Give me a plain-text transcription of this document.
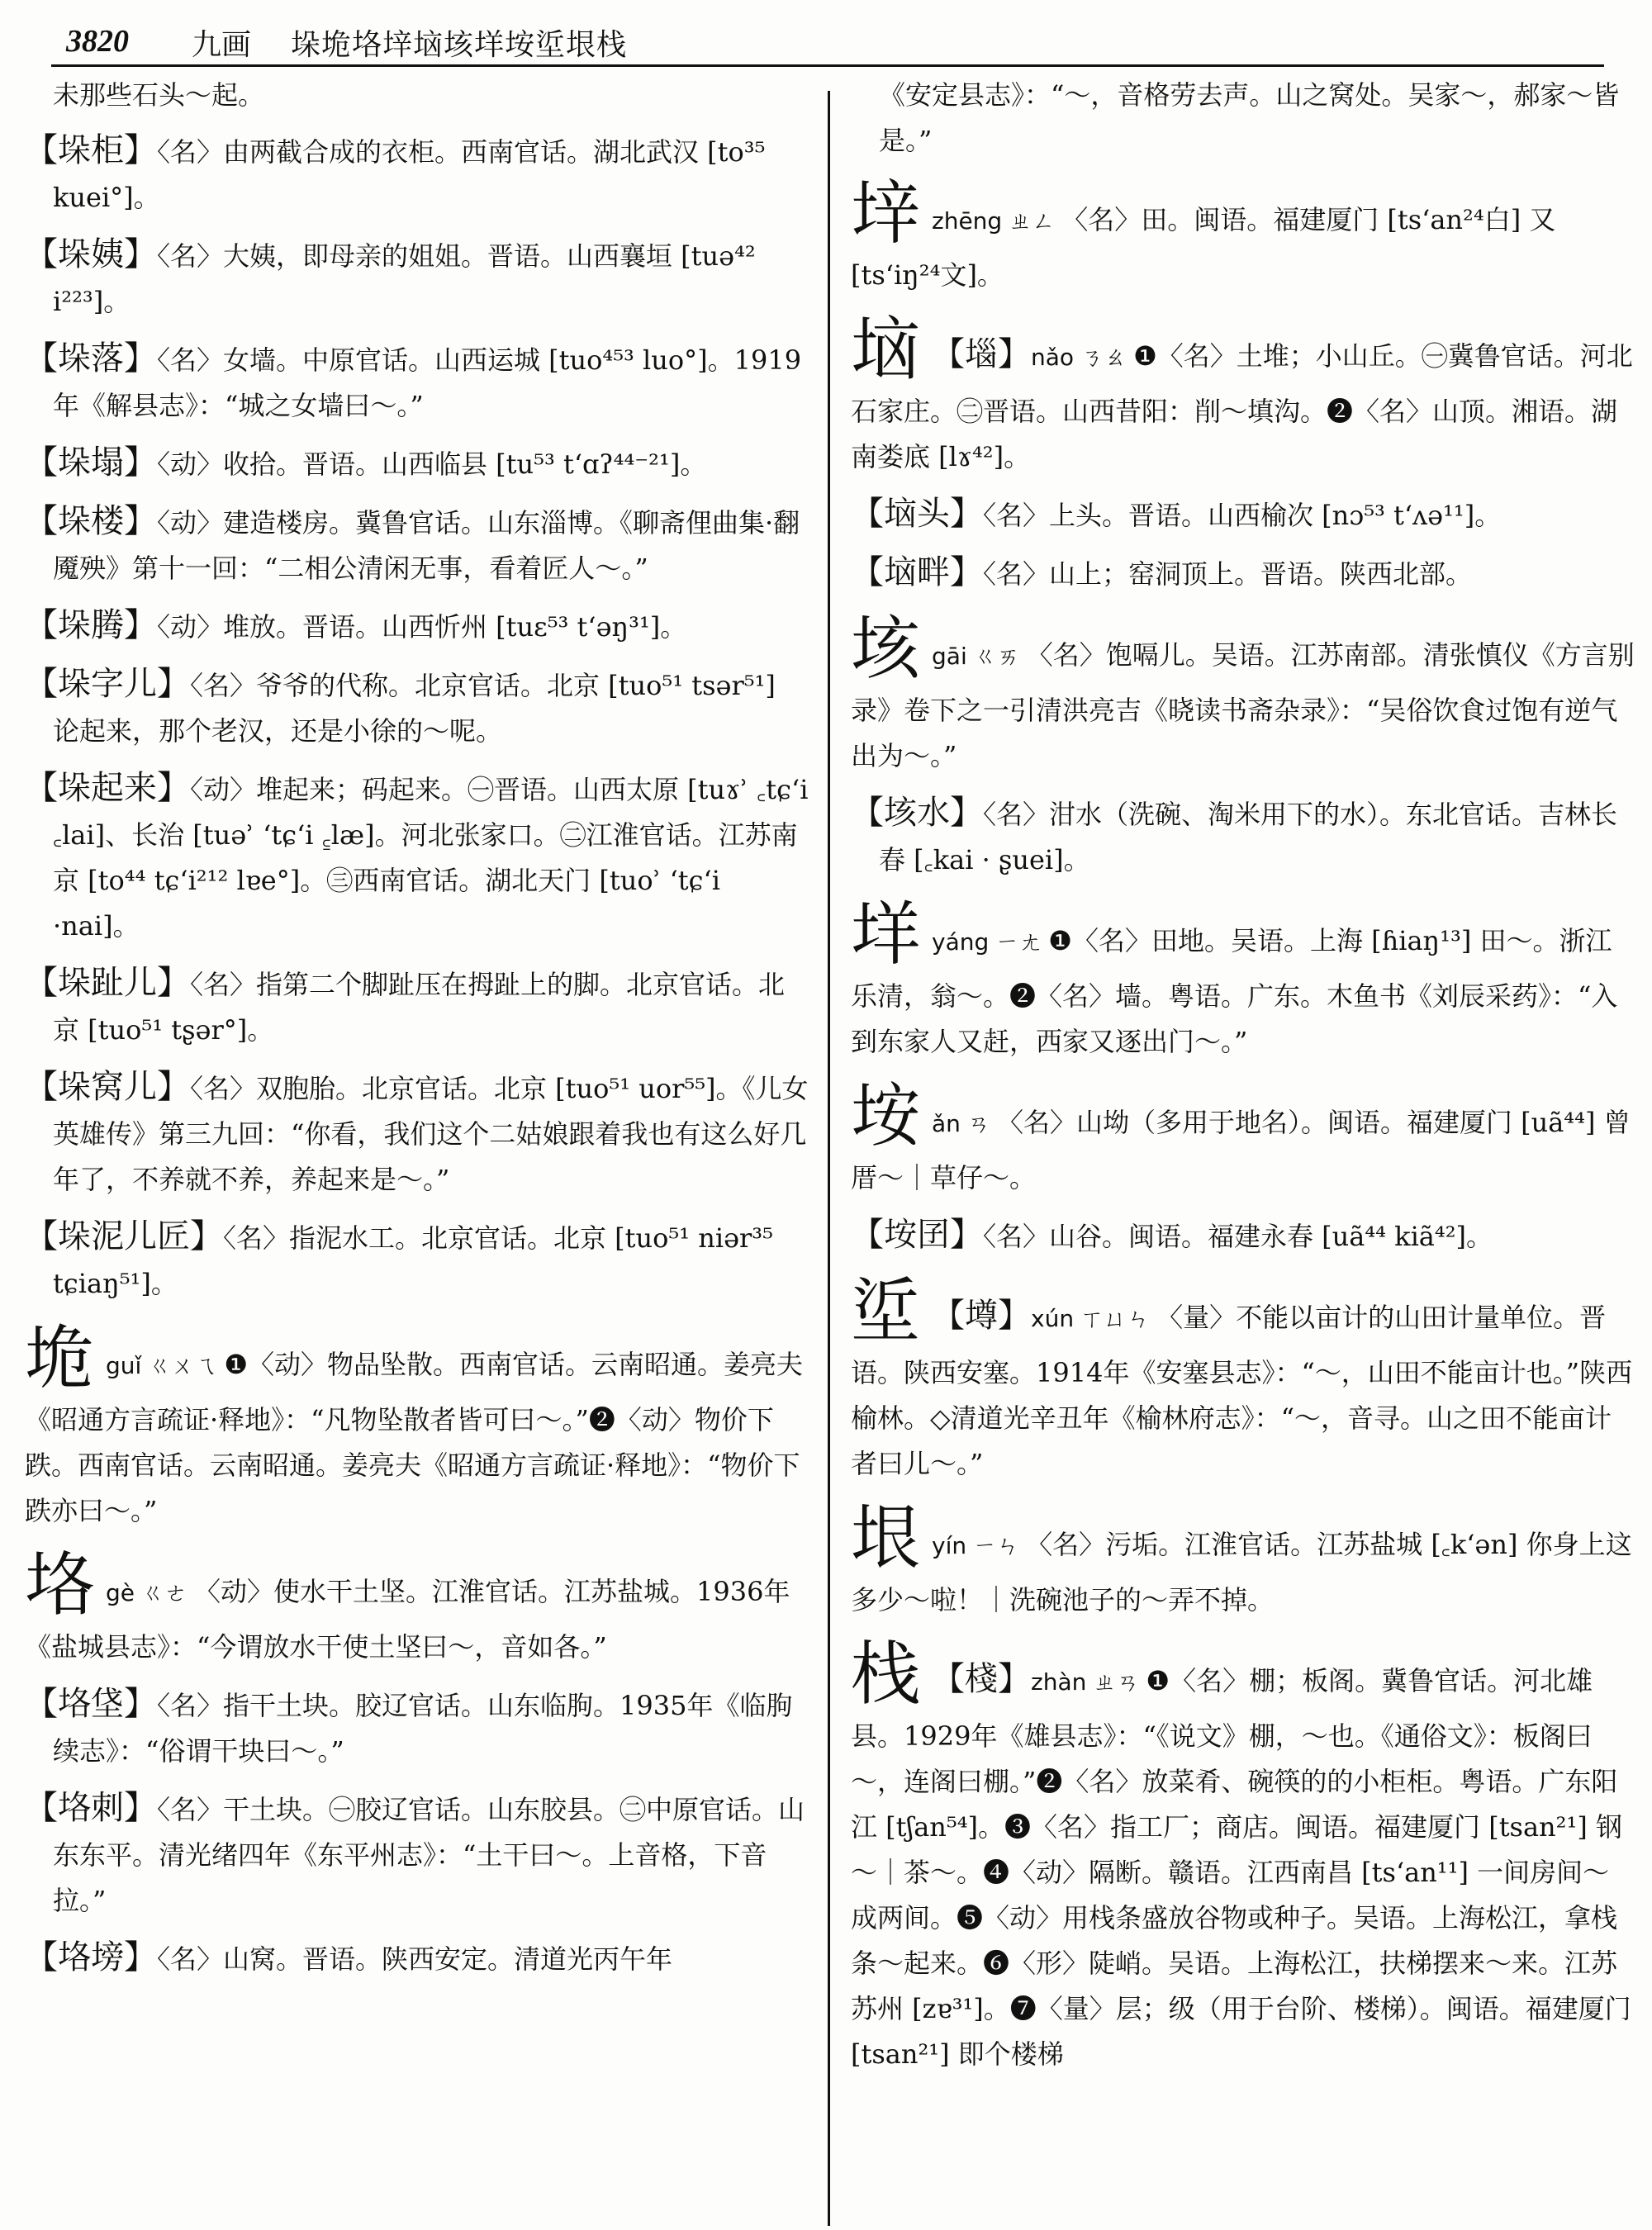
3820 九画 垛垝垎垶垴垓垟垵垽垠栈
未那些石头～起。
【垛柜】〈名〉由两截合成的衣柜。西南官话。湖北武汉 [to³⁵ kuei°]。
【垛姨】〈名〉大姨，即母亲的姐姐。晋语。山西襄垣 [tuə⁴² i²²³]。
【垛落】〈名〉女墙。中原官话。山西运城 [tuo⁴⁵³ luo°]。1919年《解县志》：“城之女墙曰～。”
【垛塌】〈动〉收拾。晋语。山西临县 [tu⁵³ tʻɑʔ⁴⁴⁻²¹]。
【垛楼】〈动〉建造楼房。冀鲁官话。山东淄博。《聊斋俚曲集·翻魇殃》第十一回：“二相公清闲无事，看着匠人～。”
【垛腾】〈动〉堆放。晋语。山西忻州 [tuɛ⁵³ tʻəŋ³¹]。
【垛字儿】〈名〉爷爷的代称。北京官话。北京 [tuo⁵¹ tsər⁵¹] 论起来，那个老汉，还是小徐的～呢。
【垛起来】〈动〉堆起来；码起来。㊀晋语。山西太原 [tuɤʾ ꜀tɕʻi ꜀lai]、长治 [tuəʾ ʻtɕʻi ꜁læ]。河北张家口。㊁江淮官话。江苏南京 [to⁴⁴ tɕʻi²¹² lɐe°]。㊂西南官话。湖北天门 [tuoʾ ʻtɕʻi ·nai]。
【垛趾儿】〈名〉指第二个脚趾压在拇趾上的脚。北京官话。北京 [tuo⁵¹ tʂər°]。
【垛窝儿】〈名〉双胞胎。北京官话。北京 [tuo⁵¹ uor⁵⁵]。《儿女英雄传》第三九回：“你看，我们这个二姑娘跟着我也有这么好几年了，不养就不养，养起来是～。”
【垛泥儿匠】〈名〉指泥水工。北京官话。北京 [tuo⁵¹ niər³⁵ tɕiaŋ⁵¹]。
垝guǐ ㄍㄨㄟ ❶〈动〉物品坠散。西南官话。云南昭通。姜亮夫《昭通方言疏证·释地》：“凡物坠散者皆可曰～。”❷〈动〉物价下跌。西南官话。云南昭通。姜亮夫《昭通方言疏证·释地》：“物价下跌亦曰～。”
垎gè ㄍㄜ 〈动〉使水干土坚。江淮官话。江苏盐城。1936年《盐城县志》：“今谓放水干使土坚曰～，音如各。”
【垎垡】〈名〉指干土块。胶辽官话。山东临朐。1935年《临朐续志》：“俗谓干块曰～。”
【垎刺】〈名〉干土块。㊀胶辽官话。山东胶县。㊁中原官话。山东东平。清光绪四年《东平州志》：“土干曰～。上音格，下音拉。”
【垎塝】〈名〉山窝。晋语。陕西安定。清道光丙午年
《安定县志》：“～，音格劳去声。山之窝处。吴家～，郝家～皆是。”
垶zhēng ㄓㄥ 〈名〉田。闽语。福建厦门 [tsʻan²⁴白] 又 [tsʻiŋ²⁴文]。
垴 【堖】nǎo ㄋㄠ ❶〈名〉土堆；小山丘。㊀冀鲁官话。河北石家庄。㊁晋语。山西昔阳：削～填沟。❷〈名〉山顶。湘语。湖南娄底 [lɤ⁴²]。
【垴头】〈名〉上头。晋语。山西榆次 [nɔ⁵³ tʻʌə¹¹]。
【垴畔】〈名〉山上；窑洞顶上。晋语。陕西北部。
垓gāi ㄍㄞ 〈名〉饱嗝儿。吴语。江苏南部。清张慎仪《方言别录》卷下之一引清洪亮吉《晓读书斋杂录》：“吴俗饮食过饱有逆气出为～。”
【垓水】〈名〉泔水（洗碗、淘米用下的水）。东北官话。吉林长春 [꜀kai · ʂuei]。
垟yáng ㄧㄤ ❶〈名〉田地。吴语。上海 [ɦiaŋ¹³] 田～。浙江乐清，翁～。❷〈名〉墙。粤语。广东。木鱼书《刘辰采药》：“入到东家人又赶，西家又逐出门～。”
垵ǎn ㄢ 〈名〉山坳（多用于地名）。闽语。福建厦门 [uã⁴⁴] 曾厝～｜草仔～。
【垵囝】〈名〉山谷。闽语。福建永春 [uã⁴⁴ kiã⁴²]。
垽 【墫】xún ㄒㄩㄣ 〈量〉不能以亩计的山田计量单位。晋语。陕西安塞。1914年《安塞县志》：“～，山田不能亩计也。”陕西榆林。◇清道光辛丑年《榆林府志》：“～，音寻。山之田不能亩计者曰儿～。”
垠yín ㄧㄣ 〈名〉污垢。江淮官话。江苏盐城 [꜀kʻən] 你身上这多少～啦！｜洗碗池子的～弄不掉。
栈 【棧】zhàn ㄓㄢ ❶〈名〉棚；板阁。冀鲁官话。河北雄县。1929年《雄县志》：“《说文》棚，～也。《通俗文》：板阁曰～，连阁曰棚。”❷〈名〉放菜肴、碗筷的的小柜柜。粤语。广东阳江 [tʃan⁵⁴]。❸〈名〉指工厂；商店。闽语。福建厦门 [tsan²¹] 钢～｜茶～。❹〈动〉隔断。赣语。江西南昌 [tsʻan¹¹] 一间房间～成两间。❺〈动〉用栈条盛放谷物或种子。吴语。上海松江，拿栈条～起来。❻〈形〉陡峭。吴语。上海松江，扶梯摆来～来。江苏苏州 [zɐ³¹]。❼〈量〉层；级（用于台阶、楼梯）。闽语。福建厦门 [tsan²¹] 即个楼梯
